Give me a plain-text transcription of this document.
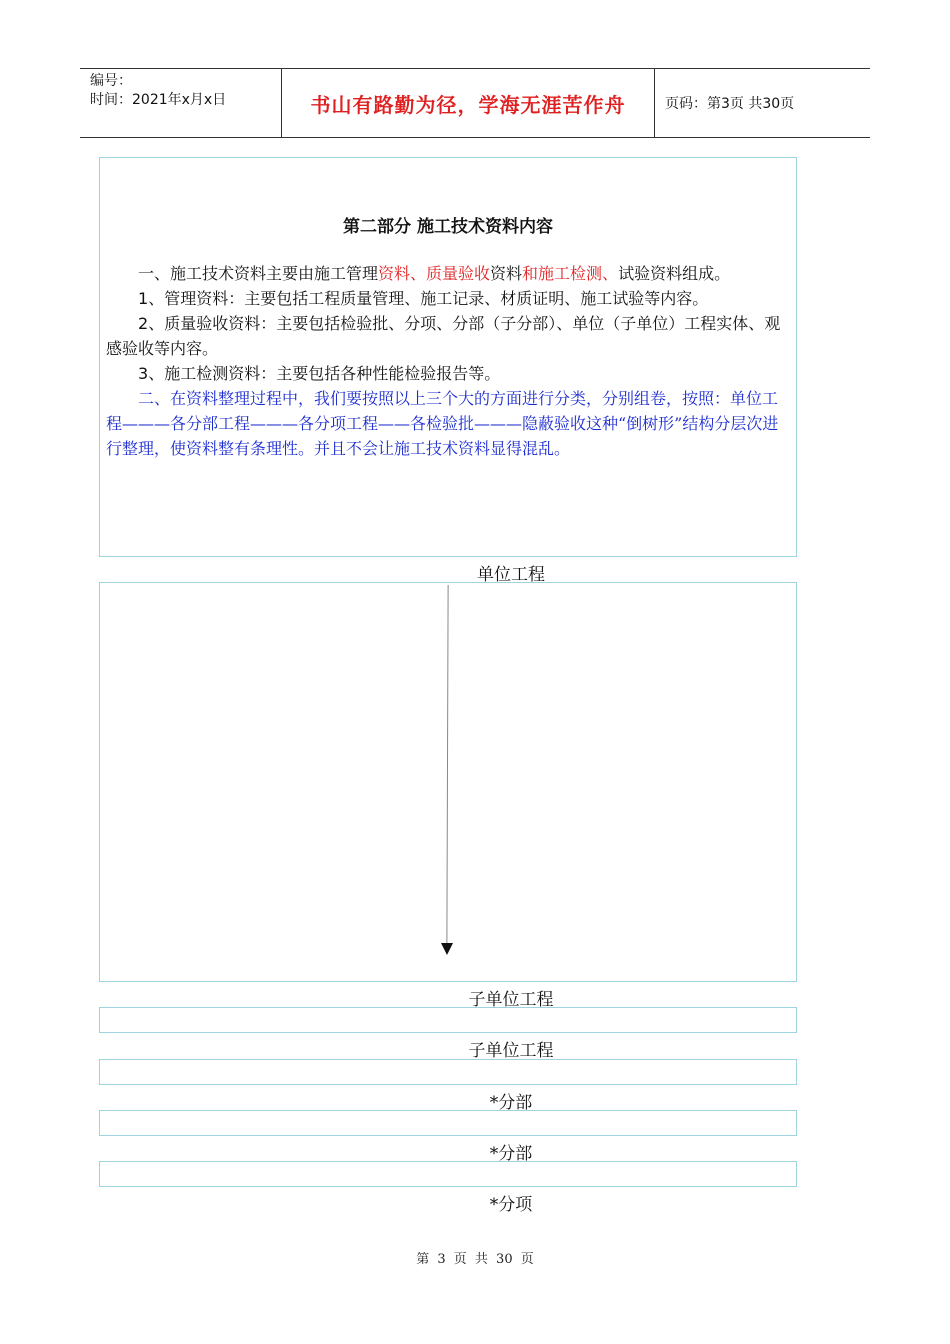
编号：
时间：2021年x月x日	书山有路勤为径，学海无涯苦作舟	页码：第3页 共30页
第二部分 施工技术资料内容

一、施工技术资料主要由施工管理资料、质量验收资料和施工检测、试验资料组成。

1、管理资料：主要包括工程质量管理、施工记录、材质证明、施工试验等内容。

2、质量验收资料：主要包括检验批、分项、分部（子分部）、单位（子单位）工程实体、观感验收等内容。

3、施工检测资料：主要包括各种性能检验报告等。

二、在资料整理过程中，我们要按照以上三个大的方面进行分类，分别组卷，按照：单位工程———各分部工程———各分项工程——各检验批———隐蔽验收这种“倒树形”结构分层次进行整理，使资料整有条理性。并且不会让施工技术资料显得混乱。

单位工程
子单位工程
子单位工程
*分部
*分部
*分项
第 3 页 共 30 页
